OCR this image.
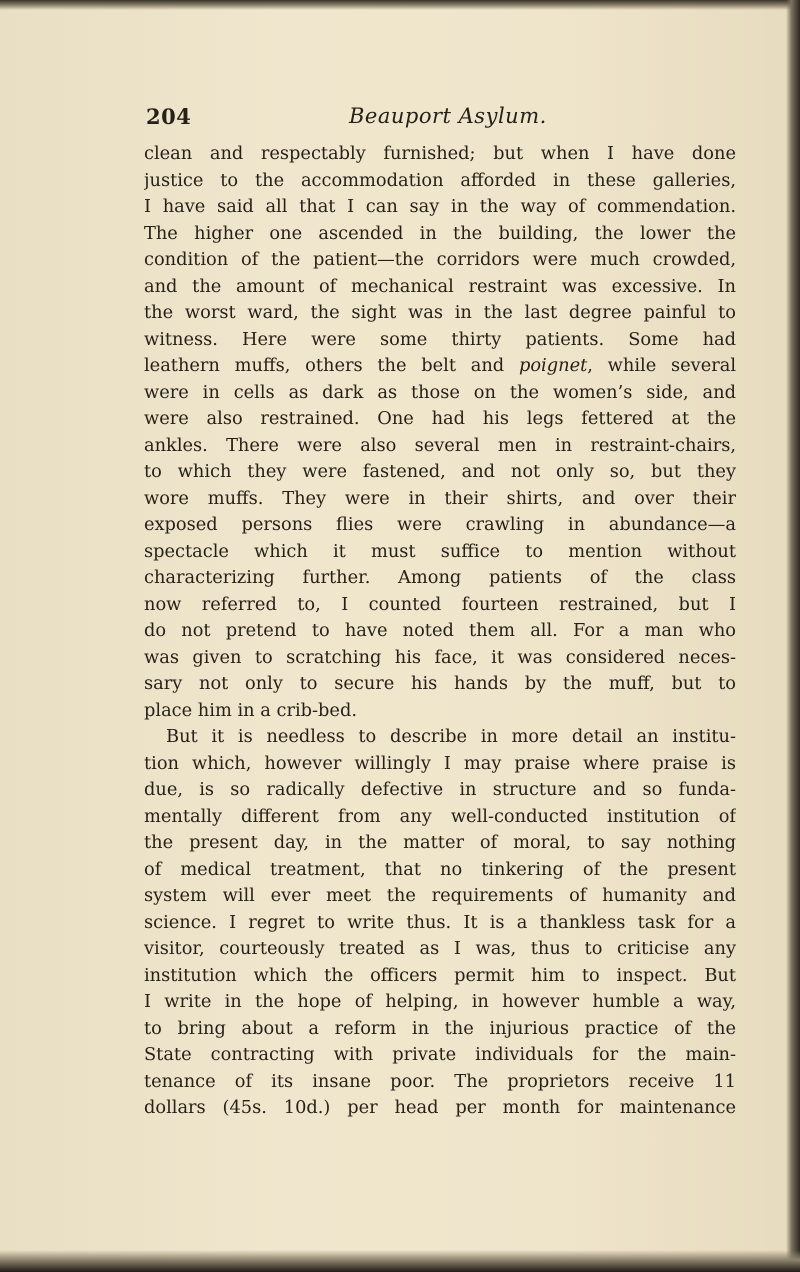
204	Beauport Asylum.
clean and respectably furnished; but when I have done
justice to the accommodation afforded in these galleries,
I have said all that I can say in the way of commendation.
The higher one ascended in the building, the lower the
condition of the patient—the corridors were much crowded,
and the amount of mechanical restraint was excessive. In
the worst ward, the sight was in the last degree painful to
witness. Here were some thirty patients. Some had
leathern muffs, others the belt and poignet, while several
were in cells as dark as those on the women’s side, and
were also restrained. One had his legs fettered at the
ankles. There were also several men in restraint-chairs,
to which they were fastened, and not only so, but they
wore muffs. They were in their shirts, and over their
exposed persons flies were crawling in abundance—a
spectacle which it must suffice to mention without
characterizing further. Among patients of the class
now referred to, I counted fourteen restrained, but I
do not pretend to have noted them all. For a man who
was given to scratching his face, it was considered neces-
sary not only to secure his hands by the muff, but to
place him in a crib-bed.
But it is needless to describe in more detail an institu-
tion which, however willingly I may praise where praise is
due, is so radically defective in structure and so funda-
mentally different from any well-conducted institution of
the present day, in the matter of moral, to say nothing
of medical treatment, that no tinkering of the present
system will ever meet the requirements of humanity and
science. I regret to write thus. It is a thankless task for a
visitor, courteously treated as I was, thus to criticise any
institution which the officers permit him to inspect. But
I write in the hope of helping, in however humble a way,
to bring about a reform in the injurious practice of the
State contracting with private individuals for the main-
tenance of its insane poor. The proprietors receive 11
dollars (45s. 10d.) per head per month for maintenance
